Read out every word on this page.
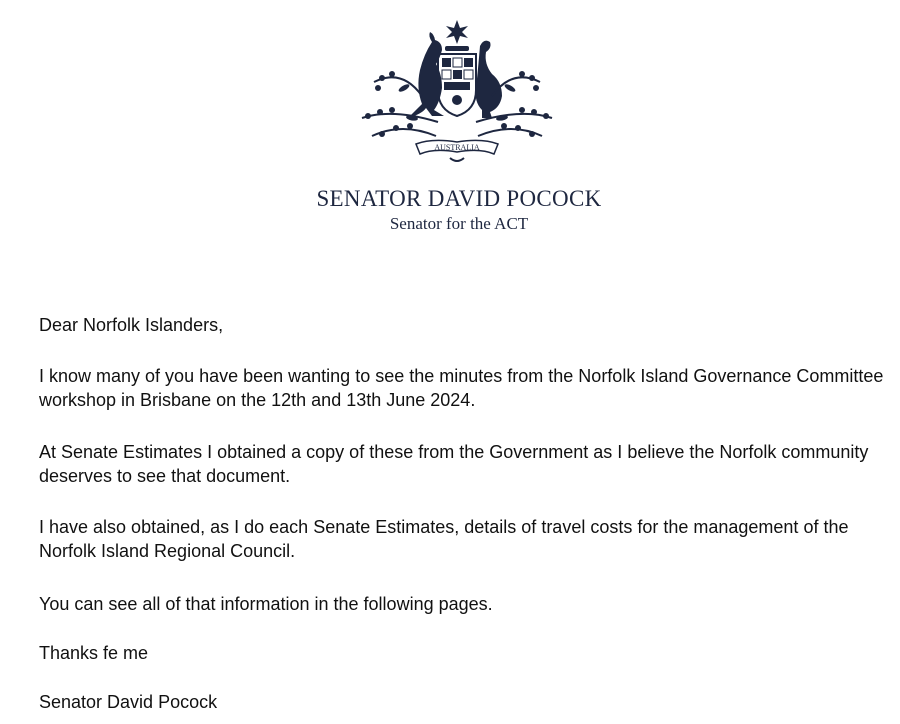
AUSTRALIA
SENATOR DAVID POCOCK
Senator for the ACT

Dear Norfolk Islanders,

I know many of you have been wanting to see the minutes from the Norfolk Island Governance Committee workshop in Brisbane on the 12th and 13th June 2024.

At Senate Estimates I obtained a copy of these from the Government as I believe the Norfolk community deserves to see that document.

I have also obtained, as I do each Senate Estimates, details of travel costs for the management of the Norfolk Island Regional Council.

You can see all of that information in the following pages.

Thanks fe me

Senator David Pocock
